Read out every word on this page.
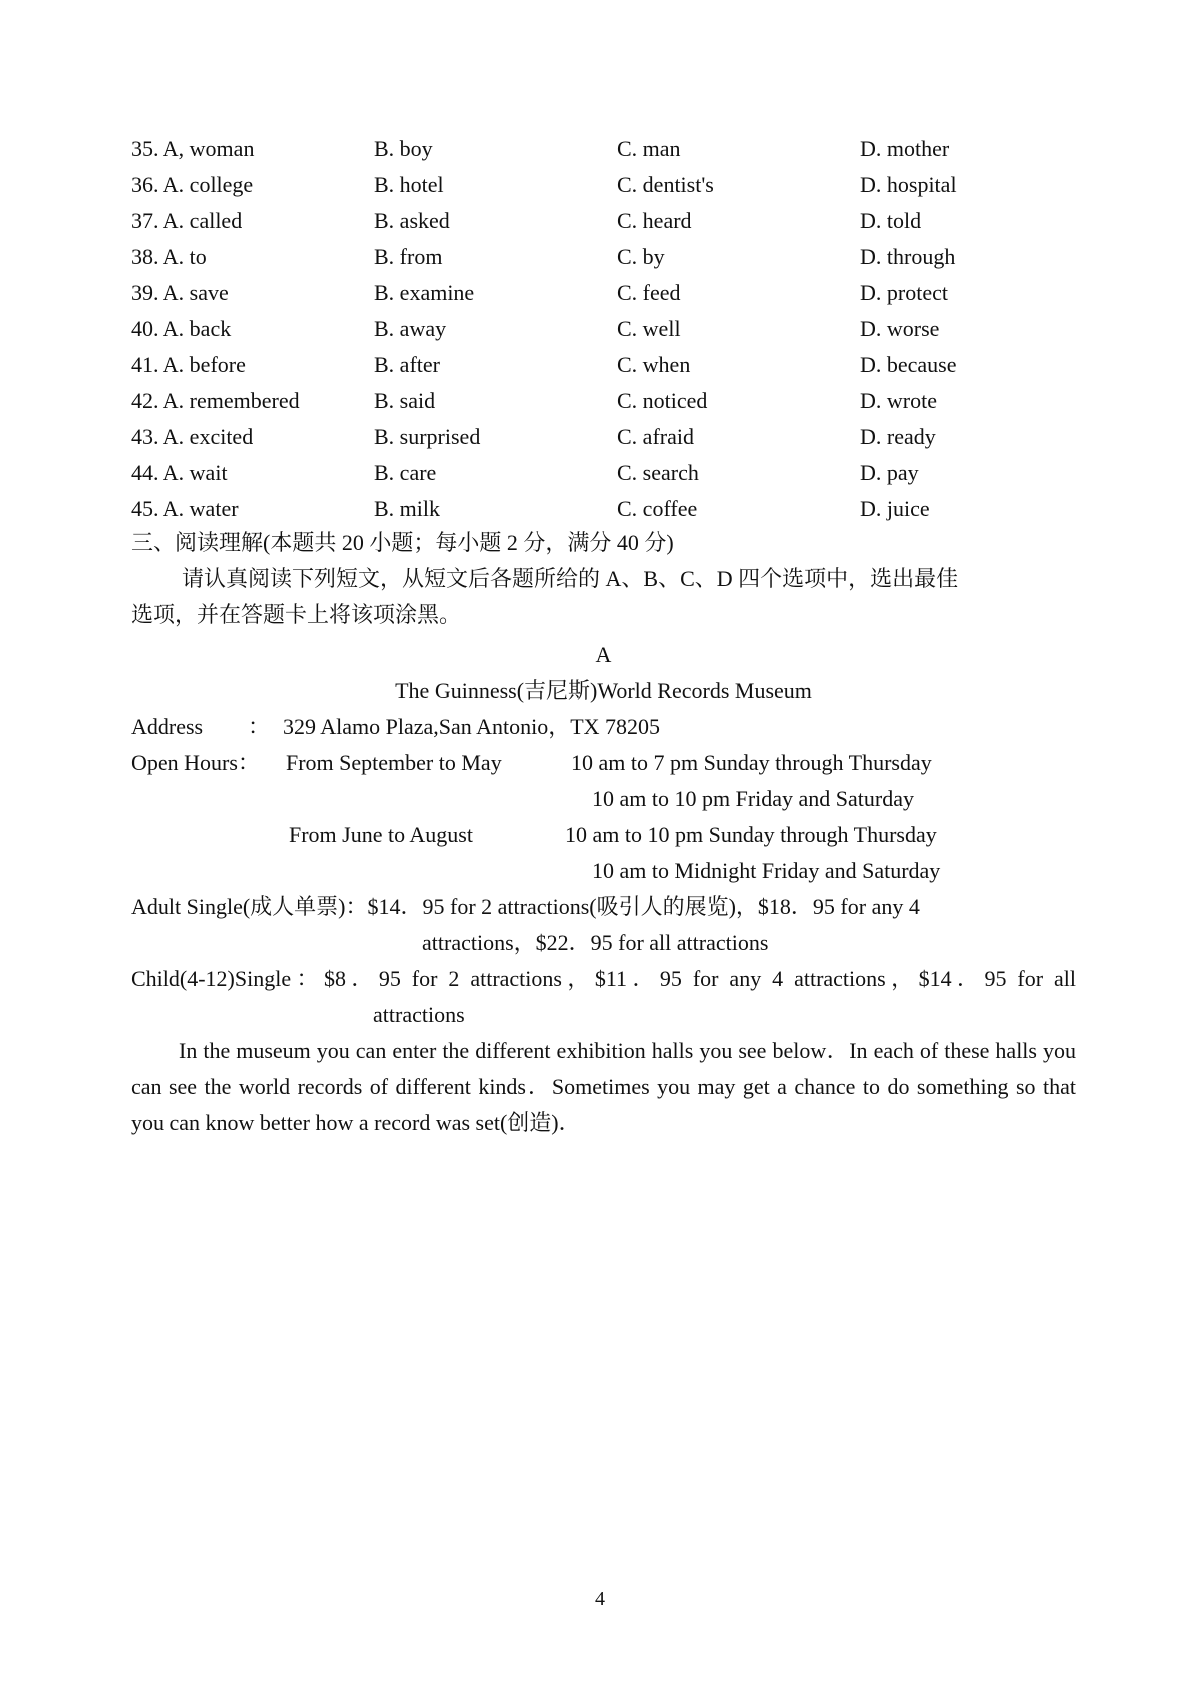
35. A, woman	B. boy	C. man	D. mother
36. A. college	B. hotel	C. dentist's	D. hospital
37. A. called	B. asked	C. heard	D. told
38. A. to	B. from	C. by	D. through
39. A. save	B. examine	C. feed	D. protect
40. A. back	B. away	C. well	D. worse
41. A. before	B. after	C. when	D. because
42. A. remembered	B. said	C. noticed	D. wrote
43. A. excited	B. surprised	C. afraid	D. ready
44. A. wait	B. care	C. search	D. pay
45. A. water	B. milk	C. coffee	D. juice
三、阅读理解(本题共 20 小题；每小题 2 分，满分 40 分)
请认真阅读下列短文，从短文后各题所给的 A、B、C、D 四个选项中，选出最佳
选项，并在答题卡上将该项涂黑。
A
The Guinness(吉尼斯)World Records Museum
Address ： 329 Alamo Plaza,San Antonio，TX 78205
Open Hours： From September to May	10 am to 7 pm Sunday through Thursday
10 am to 10 pm Friday and Saturday
From June to August	10 am to 10 pm Sunday through Thursday
10 am to Midnight Friday and Saturday
Adult Single(成人单票)：$14．95 for 2 attractions(吸引人的展览)，$18．95 for any 4
attractions，$22．95 for all attractions
Child(4-12)Single：$8．95 for 2 attractions，$11．95 for any 4 attractions，$14．95 for all
attractions
In the museum you can enter the different exhibition halls you see below．In each of these halls you can see the world records of different kinds．Sometimes you may get a chance to do something so that you can know better how a record was set(创造)．
4
